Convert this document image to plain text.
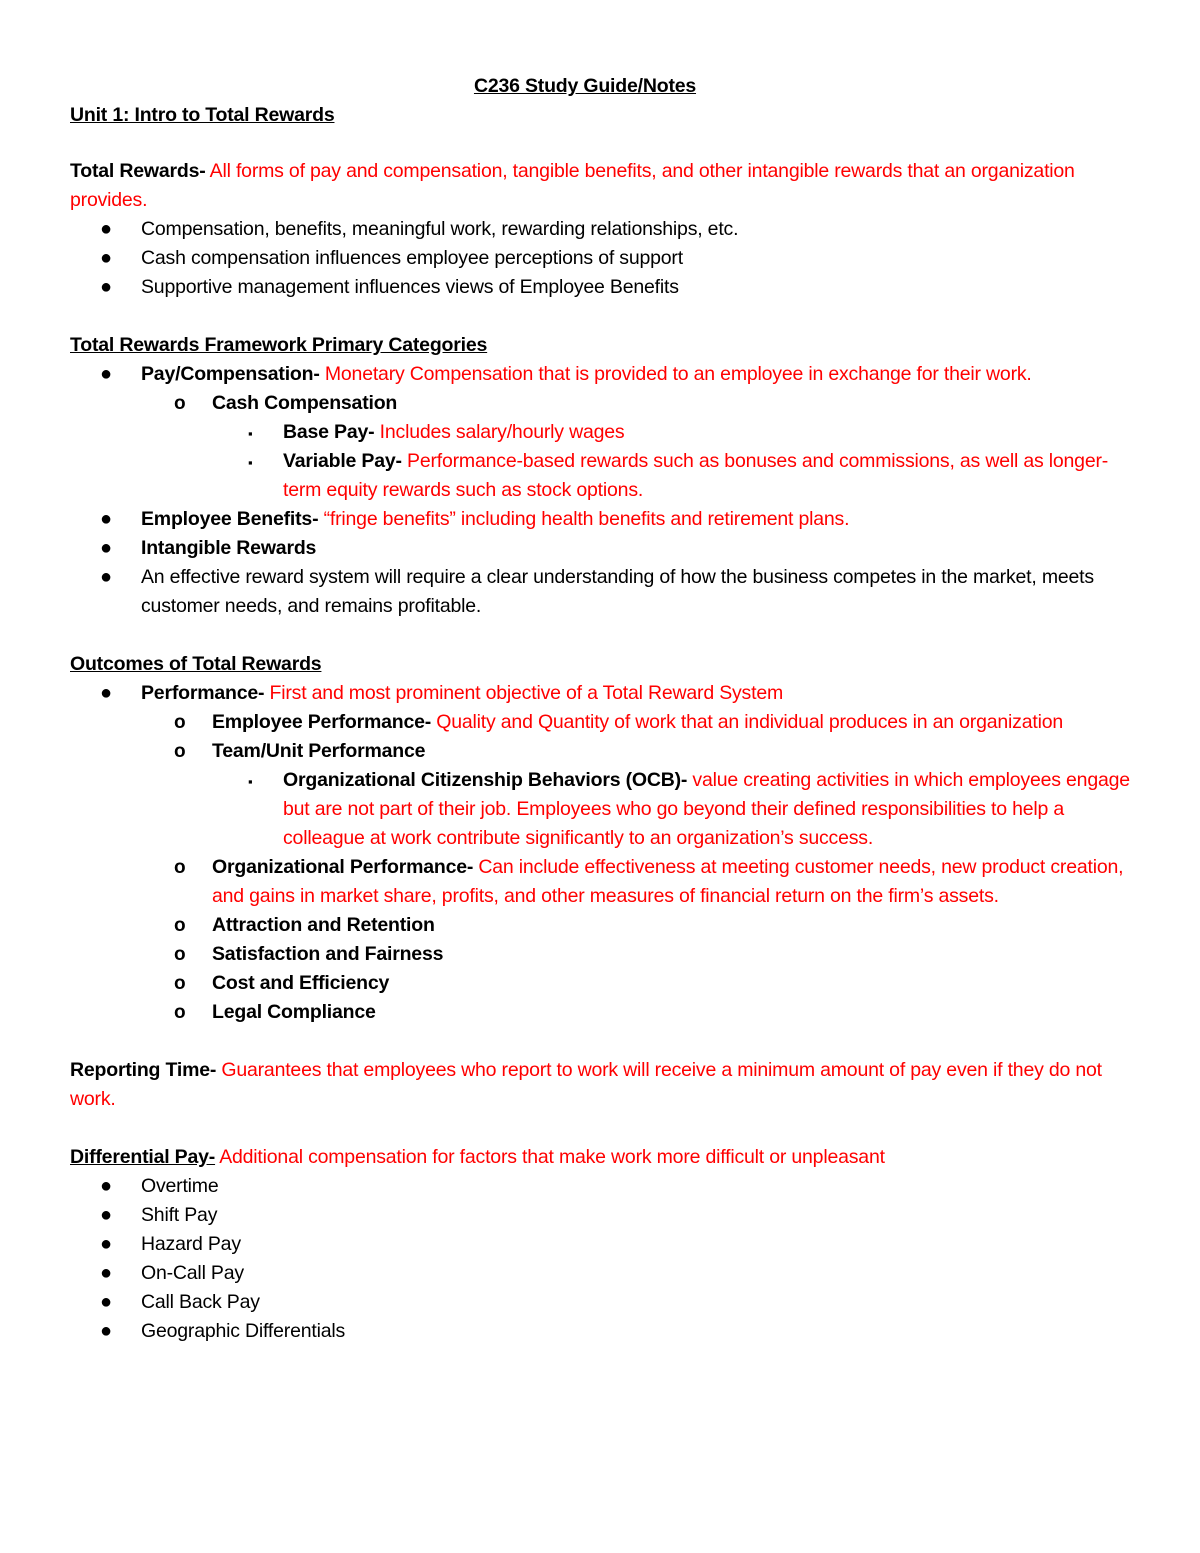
C236 Study Guide/Notes
Unit 1: Intro to Total Rewards
Total Rewards- All forms of pay and compensation, tangible benefits, and other intangible rewards that an organization provides.
● Compensation, benefits, meaningful work, rewarding relationships, etc.
● Cash compensation influences employee perceptions of support
● Supportive management influences views of Employee Benefits
Total Rewards Framework Primary Categories
● Pay/Compensation- Monetary Compensation that is provided to an employee in exchange for their work.
o Cash Compensation
▪ Base Pay- Includes salary/hourly wages
▪ Variable Pay- Performance-based rewards such as bonuses and commissions, as well as longer-term equity rewards such as stock options.
● Employee Benefits- “fringe benefits” including health benefits and retirement plans.
● Intangible Rewards
● An effective reward system will require a clear understanding of how the business competes in the market, meets customer needs, and remains profitable.
Outcomes of Total Rewards
● Performance- First and most prominent objective of a Total Reward System
o Employee Performance- Quality and Quantity of work that an individual produces in an organization
o Team/Unit Performance
▪ Organizational Citizenship Behaviors (OCB)- value creating activities in which employees engage but are not part of their job. Employees who go beyond their defined responsibilities to help a colleague at work contribute significantly to an organization’s success.
o Organizational Performance- Can include effectiveness at meeting customer needs, new product creation, and gains in market share, profits, and other measures of financial return on the firm’s assets.
o Attraction and Retention
o Satisfaction and Fairness
o Cost and Efficiency
o Legal Compliance
Reporting Time- Guarantees that employees who report to work will receive a minimum amount of pay even if they do not work.
Differential Pay- Additional compensation for factors that make work more difficult or unpleasant
● Overtime
● Shift Pay
● Hazard Pay
● On-Call Pay
● Call Back Pay
● Geographic Differentials
